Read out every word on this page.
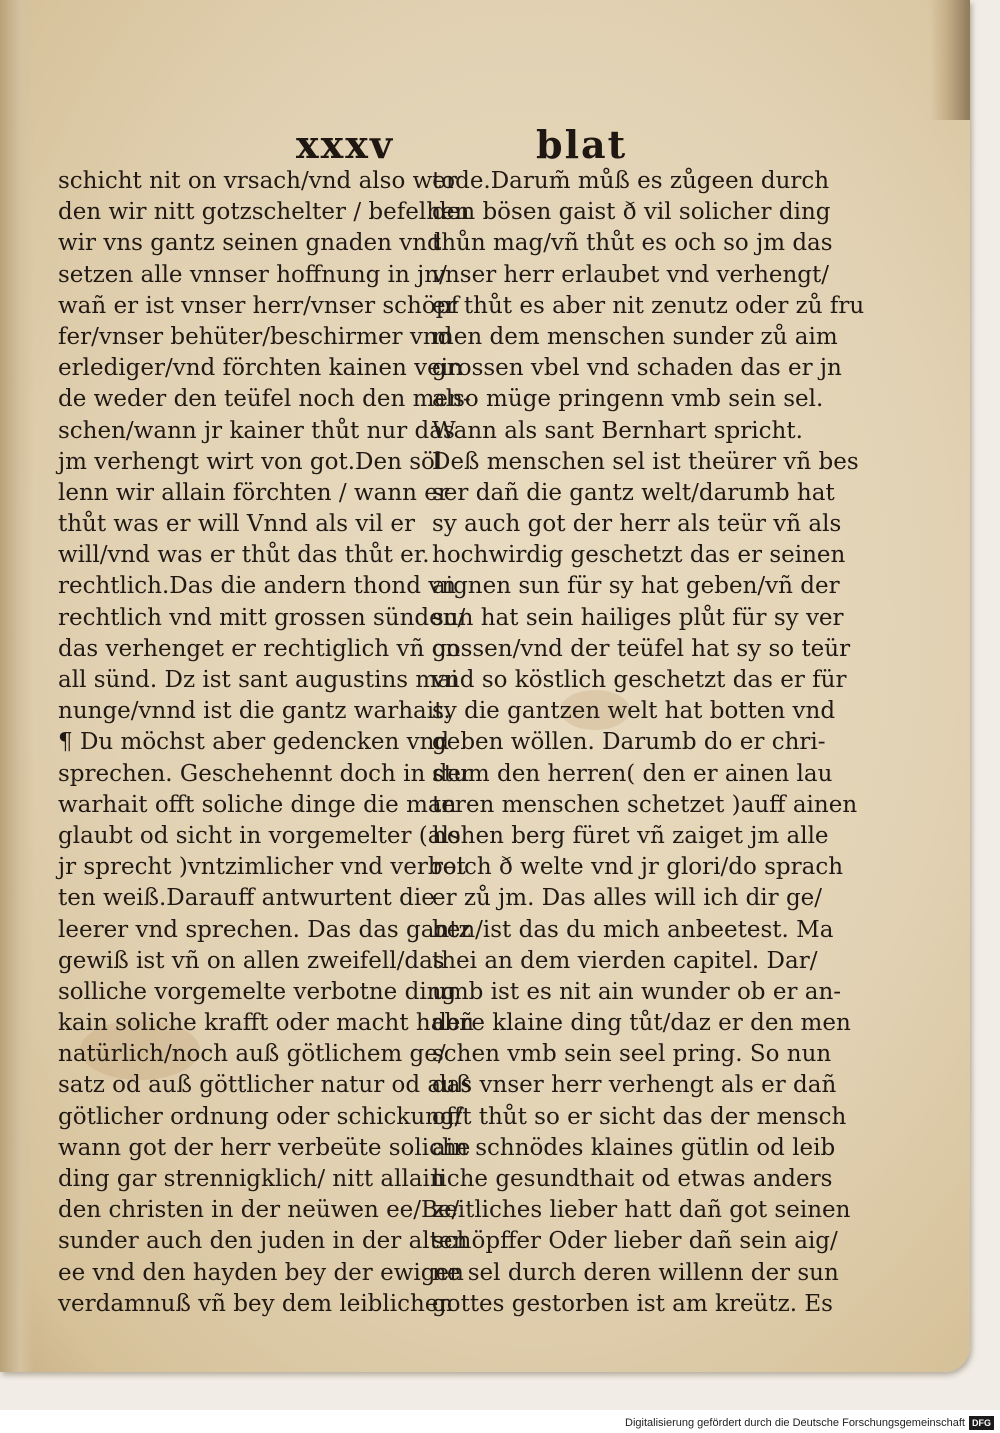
xxxv	blat
schicht nit on vrsach/vnd also wer
den wir nitt gotzschelter / befelhen
wir vns gantz seinen gnaden vnd
setzen alle vnnser hoffnung in jn/
wañ er ist vnser herr/vnser schöpf
fer/vnser behüter/beschirmer vnd
erlediger/vnd förchten kainen vein
de weder den teüfel noch den men-
schen/wann jr kainer thůt nur das
jm verhengt wirt von got.Den söl
lenn wir allain förchten / wann er
thůt was er will Vnnd als vil er
will/vnd was er thůt das thůt er.
rechtlich.Das die andern thond vn
rechtlich vnd mitt grossen sünden/
das verhenget er rechtiglich vñ on
all sünd. Dz ist sant augustins mai
nunge/vnnd ist die gantz warhait.
¶ Du möchst aber gedencken vnd
sprechen. Geschehennt doch in der
warhait offt soliche dinge die man
glaubt od sicht in vorgemelter (als
jr sprecht )vntzimlicher vnd verbot
ten weiß.Darauff antwurtent die
leerer vnd sprechen. Das das gantz
gewiß ist vñ on allen zweifell/das
solliche vorgemelte verbotne ding
kain soliche krafft oder macht habñ
natürlich/noch auß götlichem ge/
satz od auß göttlicher natur od auß
götlicher ordnung oder schickung/
wann got der herr verbeüte soliche
ding gar strennigklich/ nitt allain
den christen in der neüwen ee/Be/
sunder auch den juden in der alten
ee vnd den hayden bey der ewigen
verdamnuß vñ bey dem leiblichen
tode.Darum̃ můß es zůgeen durch
den bösen gaist ð vil solicher ding
thůn mag/vñ thůt es och so jm das
vnser herr erlaubet vnd verhengt/
er thůt es aber nit zenutz oder zů fru
men dem menschen sunder zů aim
grossen vbel vnd schaden das er jn
also müge pringenn vmb sein sel.
Wann als sant Bernhart spricht.
Deß menschen sel ist theürer vñ bes
ser dañ die gantz welt/darumb hat
sy auch got der herr als teür vñ als
hochwirdig geschetzt das er seinen
aignen sun für sy hat geben/vñ der
sun hat sein hailiges plůt für sy ver
gossen/vnd der teüfel hat sy so teür
vnd so köstlich geschetzt das er für
sy die gantzen welt hat botten vnd
geben wöllen. Darumb do er chri-
stum den herren( den er ainen lau
teren menschen schetzet )auff ainen
hohen berg füret vñ zaiget jm alle
reich ð welte vnd jr glori/do sprach
er zů jm. Das alles will ich dir ge/
ben/ist das du mich anbeetest. Ma
thei an dem vierden capitel. Dar/
umb ist es nit ain wunder ob er an-
dere klaine ding tůt/daz er den men
schen vmb sein seel pring. So nun
das vnser herr verhengt als er dañ
offt thůt so er sicht das der mensch
ain schnödes klaines gütlin od leib
liche gesundthait od etwas anders
zeitliches lieber hatt dañ got seinen
schöpffer Oder lieber dañ sein aig/
ne sel durch deren willenn der sun
gottes gestorben ist am kreütz. Es
Digitalisierung gefördert durch die Deutsche Forschungsgemeinschaft DFG
